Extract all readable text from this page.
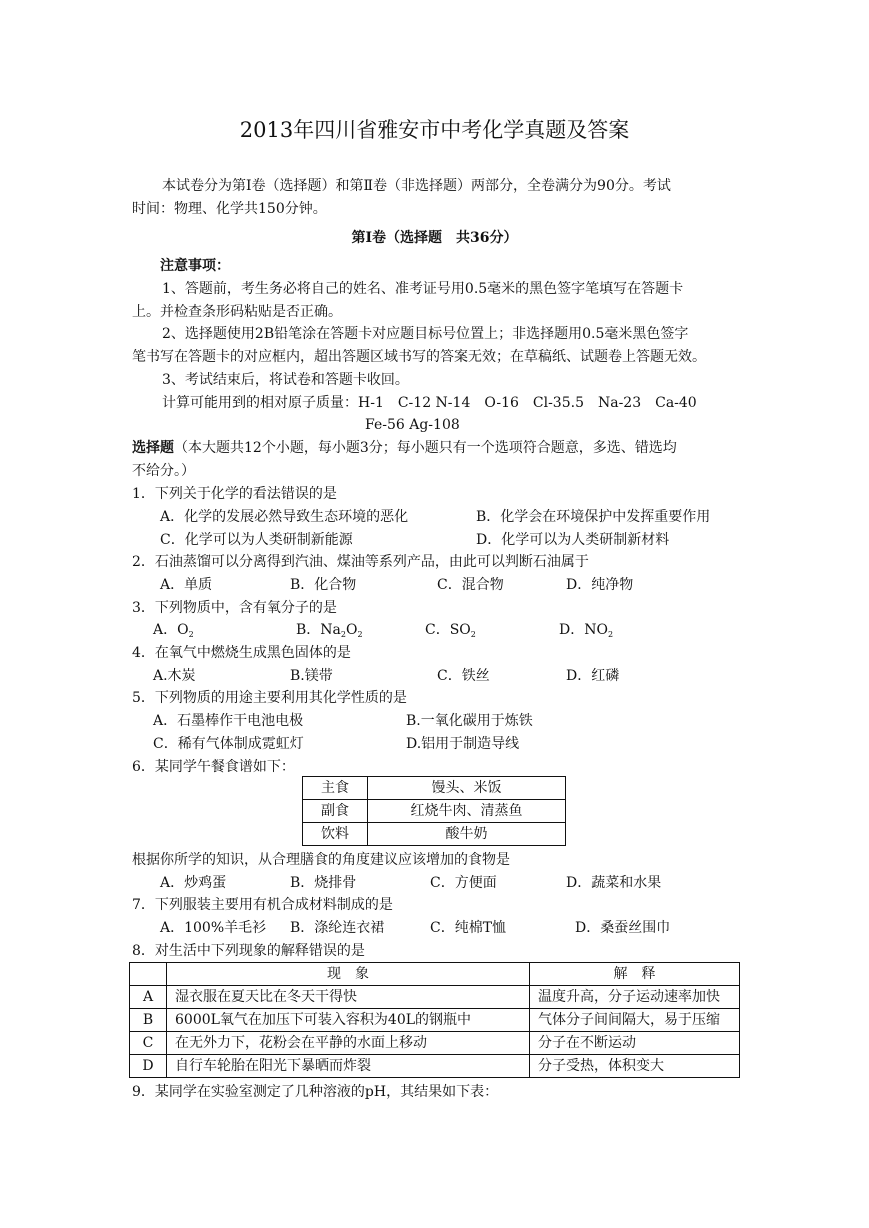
2013年四川省雅安市中考化学真题及答案
本试卷分为第Ⅰ卷（选择题）和第Ⅱ卷（非选择题）两部分，全卷满分为90分。考试
时间：物理、化学共150分钟。
第Ⅰ卷（选择题　共36分）
注意事项：
1、答题前，考生务必将自己的姓名、准考证号用0.5毫米的黑色签字笔填写在答题卡
上。并检查条形码粘贴是否正确。
2、选择题使用2B铅笔涂在答题卡对应题目标号位置上；非选择题用0.5毫米黑色签字
笔书写在答题卡的对应框内，超出答题区域书写的答案无效；在草稿纸、试题卷上答题无效。
3、考试结束后，将试卷和答题卡收回。
计算可能用到的相对原子质量：H-1　C-12 N-14　O-16　Cl-35.5　Na-23　Ca-40
Fe-56 Ag-108
选择题（本大题共12个小题，每小题3分；每小题只有一个选项符合题意，多选、错选均
不给分。）
1．下列关于化学的看法错误的是
A．化学的发展必然导致生态环境的恶化	B．化学会在环境保护中发挥重要作用
C．化学可以为人类研制新能源	D．化学可以为人类研制新材料
2．石油蒸馏可以分离得到汽油、煤油等系列产品，由此可以判断石油属于
A．单质	B．化合物	C．混合物	D．纯净物
3．下列物质中，含有氧分子的是
A．$O_2$	B．$Na_2O_2$	C．$SO_2$	D．$NO_2$
4．在氧气中燃烧生成黑色固体的是
A.木炭	B.镁带	C．铁丝	D．红磷
5．下列物质的用途主要利用其化学性质的是
A．石墨棒作干电池电极	B.一氧化碳用于炼铁
C．稀有气体制成霓虹灯	D.铝用于制造导线
6．某同学午餐食谱如下：
主食	馒头、米饭
副食	红烧牛肉、清蒸鱼
饮料	酸牛奶
根据你所学的知识，从合理膳食的角度建议应该增加的食物是
A．炒鸡蛋	B．烧排骨	C．方便面	D．蔬菜和水果
7．下列服装主要用有机合成材料制成的是
A．100%羊毛衫 B．涤纶连衣裙	C．纯棉T恤	D．桑蚕丝围巾
8．对生活中下列现象的解释错误的是
	现　象	解　释
A	湿衣服在夏天比在冬天干得快	温度升高，分子运动速率加快
B	6000L氧气在加压下可装入容积为40L的钢瓶中	气体分子间间隔大，易于压缩
C	在无外力下，花粉会在平静的水面上移动	分子在不断运动
D	自行车轮胎在阳光下暴晒而炸裂	分子受热，体积变大
9．某同学在实验室测定了几种溶液的pH，其结果如下表：
